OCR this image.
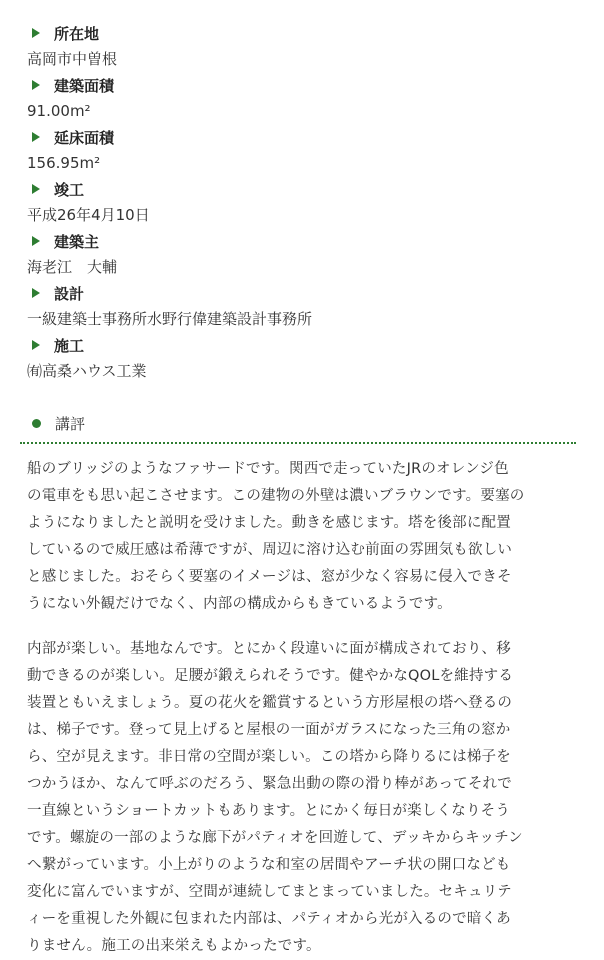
所在地
高岡市中曽根
建築面積
91.00m²
延床面積
156.95m²
竣工
平成26年4月10日
建築主
海老江　大輔
設計
一級建築士事務所水野行偉建築設計事務所
施工
㈲高桑ハウス工業
講評

船のブリッジのようなファサードです。関西で走っていたJRのオレンジ色
の電車をも思い起こさせます。この建物の外壁は濃いブラウンです。要塞の
ようになりましたと説明を受けました。動きを感じます。塔を後部に配置
しているので威圧感は希薄ですが、周辺に溶け込む前面の雰囲気も欲しい
と感じました。おそらく要塞のイメージは、窓が少なく容易に侵入できそ
うにない外観だけでなく、内部の構成からもきているようです。

内部が楽しい。基地なんです。とにかく段違いに面が構成されており、移
動できるのが楽しい。足腰が鍛えられそうです。健やかなQOLを維持する
装置ともいえましょう。夏の花火を鑑賞するという方形屋根の塔へ登るの
は、梯子です。登って見上げると屋根の一面がガラスになった三角の窓か
ら、空が見えます。非日常の空間が楽しい。この塔から降りるには梯子を
つかうほか、なんて呼ぶのだろう、緊急出動の際の滑り棒があってそれで
一直線というショートカットもあります。とにかく毎日が楽しくなりそう
です。螺旋の一部のような廊下がパティオを回遊して、デッキからキッチン
へ繋がっています。小上がりのような和室の居間やアーチ状の開口なども
変化に富んでいますが、空間が連続してまとまっていました。セキュリテ
ィーを重視した外観に包まれた内部は、パティオから光が入るので暗くあ
りません。施工の出来栄えもよかったです。
